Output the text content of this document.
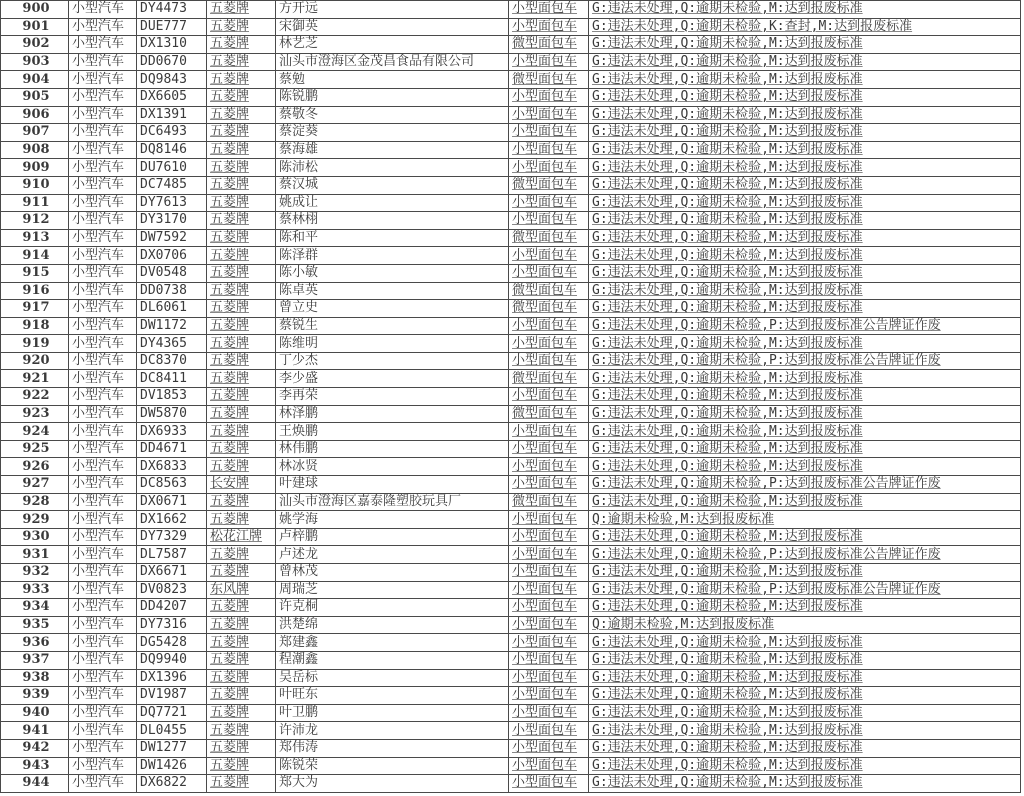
900	小型汽车	DY4473	五菱牌	方开远	小型面包车	G:违法未处理,Q:逾期未检验,M:达到报废标准
901	小型汽车	DUE777	五菱牌	宋御英	小型面包车	G:违法未处理,Q:逾期未检验,K:查封,M:达到报废标准
902	小型汽车	DX1310	五菱牌	林艺芝	微型面包车	G:违法未处理,Q:逾期未检验,M:达到报废标准
903	小型汽车	DD0670	五菱牌	汕头市澄海区金茂昌食品有限公司	小型面包车	G:违法未处理,Q:逾期未检验,M:达到报废标准
904	小型汽车	DQ9843	五菱牌	蔡勉	微型面包车	G:违法未处理,Q:逾期未检验,M:达到报废标准
905	小型汽车	DX6605	五菱牌	陈锐鹏	小型面包车	G:违法未处理,Q:逾期未检验,M:达到报废标准
906	小型汽车	DX1391	五菱牌	蔡敬冬	小型面包车	G:违法未处理,Q:逾期未检验,M:达到报废标准
907	小型汽车	DC6493	五菱牌	蔡淀葵	小型面包车	G:违法未处理,Q:逾期未检验,M:达到报废标准
908	小型汽车	DQ8146	五菱牌	蔡海雄	小型面包车	G:违法未处理,Q:逾期未检验,M:达到报废标准
909	小型汽车	DU7610	五菱牌	陈沛松	小型面包车	G:违法未处理,Q:逾期未检验,M:达到报废标准
910	小型汽车	DC7485	五菱牌	蔡汉城	微型面包车	G:违法未处理,Q:逾期未检验,M:达到报废标准
911	小型汽车	DY7613	五菱牌	姚成让	小型面包车	G:违法未处理,Q:逾期未检验,M:达到报废标准
912	小型汽车	DY3170	五菱牌	蔡林栩	小型面包车	G:违法未处理,Q:逾期未检验,M:达到报废标准
913	小型汽车	DW7592	五菱牌	陈和平	微型面包车	G:违法未处理,Q:逾期未检验,M:达到报废标准
914	小型汽车	DX0706	五菱牌	陈泽群	小型面包车	G:违法未处理,Q:逾期未检验,M:达到报废标准
915	小型汽车	DV0548	五菱牌	陈小敏	小型面包车	G:违法未处理,Q:逾期未检验,M:达到报废标准
916	小型汽车	DD0738	五菱牌	陈卓英	微型面包车	G:违法未处理,Q:逾期未检验,M:达到报废标准
917	小型汽车	DL6061	五菱牌	曾立史	微型面包车	G:违法未处理,Q:逾期未检验,M:达到报废标准
918	小型汽车	DW1172	五菱牌	蔡锐生	小型面包车	G:违法未处理,Q:逾期未检验,P:达到报废标准公告牌证作废
919	小型汽车	DY4365	五菱牌	陈维明	小型面包车	G:违法未处理,Q:逾期未检验,M:达到报废标准
920	小型汽车	DC8370	五菱牌	丁少杰	小型面包车	G:违法未处理,Q:逾期未检验,P:达到报废标准公告牌证作废
921	小型汽车	DC8411	五菱牌	李少盛	微型面包车	G:违法未处理,Q:逾期未检验,M:达到报废标准
922	小型汽车	DV1853	五菱牌	李再荣	小型面包车	G:违法未处理,Q:逾期未检验,M:达到报废标准
923	小型汽车	DW5870	五菱牌	林泽鹏	微型面包车	G:违法未处理,Q:逾期未检验,M:达到报废标准
924	小型汽车	DX6933	五菱牌	王焕鹏	小型面包车	G:违法未处理,Q:逾期未检验,M:达到报废标准
925	小型汽车	DD4671	五菱牌	林伟鹏	小型面包车	G:违法未处理,Q:逾期未检验,M:达到报废标准
926	小型汽车	DX6833	五菱牌	林冰贤	小型面包车	G:违法未处理,Q:逾期未检验,M:达到报废标准
927	小型汽车	DC8563	长安牌	叶建球	小型面包车	G:违法未处理,Q:逾期未检验,P:达到报废标准公告牌证作废
928	小型汽车	DX0671	五菱牌	汕头市澄海区嘉泰隆塑胶玩具厂	微型面包车	G:违法未处理,Q:逾期未检验,M:达到报废标准
929	小型汽车	DX1662	五菱牌	姚学海	小型面包车	Q:逾期未检验,M:达到报废标准
930	小型汽车	DY7329	松花江牌	卢梓鹏	小型面包车	G:违法未处理,Q:逾期未检验,M:达到报废标准
931	小型汽车	DL7587	五菱牌	卢述龙	小型面包车	G:违法未处理,Q:逾期未检验,P:达到报废标准公告牌证作废
932	小型汽车	DX6671	五菱牌	曾林茂	小型面包车	G:违法未处理,Q:逾期未检验,M:达到报废标准
933	小型汽车	DV0823	东风牌	周瑞芝	小型面包车	G:违法未处理,Q:逾期未检验,P:达到报废标准公告牌证作废
934	小型汽车	DD4207	五菱牌	许克桐	小型面包车	G:违法未处理,Q:逾期未检验,M:达到报废标准
935	小型汽车	DY7316	五菱牌	洪楚绵	小型面包车	Q:逾期未检验,M:达到报废标准
936	小型汽车	DG5428	五菱牌	郑建鑫	小型面包车	G:违法未处理,Q:逾期未检验,M:达到报废标准
937	小型汽车	DQ9940	五菱牌	程潮鑫	小型面包车	G:违法未处理,Q:逾期未检验,M:达到报废标准
938	小型汽车	DX1396	五菱牌	吴岳标	小型面包车	G:违法未处理,Q:逾期未检验,M:达到报废标准
939	小型汽车	DV1987	五菱牌	叶旺东	小型面包车	G:违法未处理,Q:逾期未检验,M:达到报废标准
940	小型汽车	DQ7721	五菱牌	叶卫鹏	小型面包车	G:违法未处理,Q:逾期未检验,M:达到报废标准
941	小型汽车	DL0455	五菱牌	许沛龙	小型面包车	G:违法未处理,Q:逾期未检验,M:达到报废标准
942	小型汽车	DW1277	五菱牌	郑伟涛	小型面包车	G:违法未处理,Q:逾期未检验,M:达到报废标准
943	小型汽车	DW1426	五菱牌	陈锐荣	小型面包车	G:违法未处理,Q:逾期未检验,M:达到报废标准
944	小型汽车	DX6822	五菱牌	郑大为	小型面包车	G:违法未处理,Q:逾期未检验,M:达到报废标准
